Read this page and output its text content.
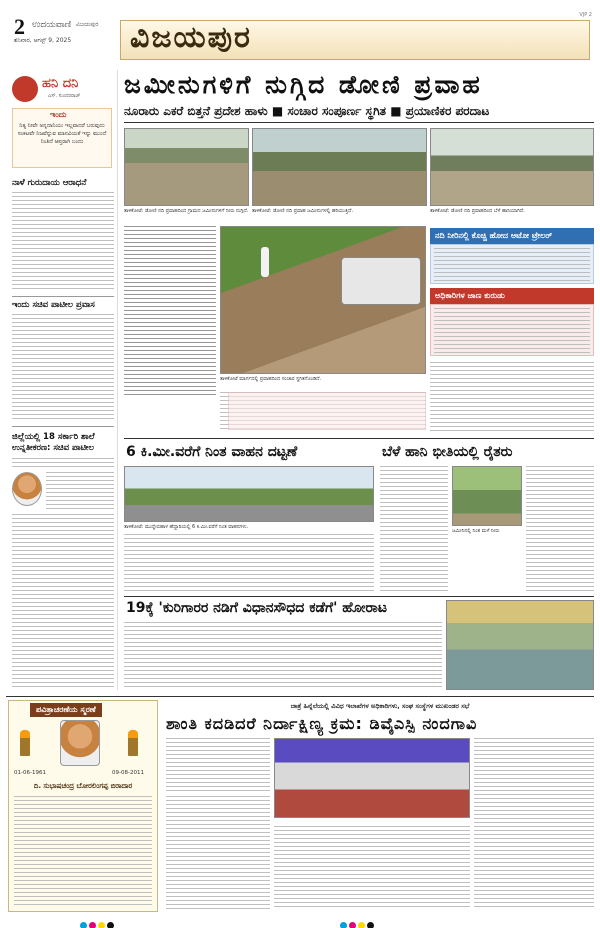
2 ಉದಯವಾಣಿ ವಿಜಯಪುರ
ಶನಿವಾರ, ಆಗಸ್ಟ್ 9, 2025 ವಿಜಯಪುರ
VJP 2
ಹನಿ ದನಿ
ಎಸ್. ಸುಂದರರಾಜ್
ಇಂದು
ನಿತ್ಯ ನೀವೇ ಅನ್ನದಾನಿಯು ಇಲ್ಲವಾದರೆ ಬರುವುದು ಸಂಕಟವೇ ನಿಜವೆನ್ನುವ ಮಾನವಿಯತೆ ಇನ್ನು ಮುಂದೆ ನಿಂತಿದೆ ಆಪ್ತರಾಗಿ ಬಂದು
ನಾಳೆ ಗುರುದಾಯ ಆರಾಧನೆ
ಇಂದು ಸಚಿವ ಪಾಟೀಲ ಪ್ರವಾಸ
ಜಿಲ್ಲೆಯಲ್ಲಿ 18 ಸರ್ಕಾರಿ ಶಾಲೆ ಉನ್ನತೀಕರಣ: ಸಚಿವ ಪಾಟೀಲ
ಜಮೀನುಗಳಿಗೆ ನುಗ್ಗಿದ ಡೋಣಿ ಪ್ರವಾಹ
ನೂರಾರು ಎಕರೆ ಬಿತ್ತನೆ ಪ್ರದೇಶ ಹಾಳು ■ ಸಂಚಾರ ಸಂಪೂರ್ಣ ಸ್ಥಗಿತ ■ ಪ್ರಯಾಣಿಕರ ಪರದಾಟ
ತಾಳಿಕೋಟೆ: ಡೋಣಿ ನದಿ ಪ್ರವಾಹದಿಂದ ಗ್ರಾಮದ ಜಮೀನುಗಳಿಗೆ ನೀರು ನುಗ್ಗಿದೆ. ತಾಳಿಕೋಟೆ: ಡೋಣಿ ನದಿ ಪ್ರವಾಹ ಜಮೀನುಗಳಲ್ಲಿ ಹರಿಯುತ್ತಿದೆ.	ತಾಳಿಕೋಟೆ: ಡೋಣಿ ನದಿ ಪ್ರವಾಹದಿಂದ ಬೆಳೆ ಹಾನಿಯಾಗಿದೆ.
ತಾಳಿಕೋಟೆ ಮಾರ್ಗದಲ್ಲಿ ಪ್ರವಾಹದಿಂದ ಸಂಚಾರ ಸ್ಥಗಿತಗೊಂಡಿದೆ.
ನದಿ ನೀರಿನಲ್ಲಿ ಕೊಚ್ಚಿ ಹೋದ ಆಟೋ ಟ್ರೇಲರ್
ಅಧಿಕಾರಿಗಳ ಜಾಣ ಕುರುಡು
6 ಕಿ.ಮೀ.ವರೆಗೆ ನಿಂತ ವಾಹನ ದಟ್ಟಣೆ
ತಾಳಿಕೋಟೆ: ಮುದ್ದೇಬಿಹಾಳ ಹೆದ್ದಾರಿಯಲ್ಲಿ 6 ಕಿ.ಮೀ.ವರೆಗೆ ನಿಂತ ವಾಹನಗಳು.
ಬೆಳೆ ಹಾನಿ ಭೀತಿಯಲ್ಲಿ ರೈತರು
ಜಮೀನಿನಲ್ಲಿ ನಿಂತ ಮಳೆ ನೀರು
19ಕ್ಕೆ 'ಕುರಿಗಾರರ ನಡಿಗೆ ವಿಧಾನಸೌಧದ ಕಡೆಗೆ' ಹೋರಾಟ
ಪವಿತ್ರಾಚರಣೆಯ ಸ್ಮರಣೆ
01-06-1961	09-08-2011
ದಿ. ಸುಭಾಷಚಂದ್ರ ಬೋರಲಿಂಗಪ್ಪ ಬಿರಾದಾರ
ಜಾತ್ರೆ ಹಿನ್ನೆಲೆಯಲ್ಲಿ ವಿವಿಧ ಇಲಾಖೆಗಳ ಅಧಿಕಾರಿಗಳು, ಸಂಘ ಸಂಸ್ಥೆಗಳ ಮುಖಂಡರ ಸಭೆ
ಶಾಂತಿ ಕದಡಿದರೆ ನಿರ್ದಾಕ್ಷಿಣ್ಯ ಕ್ರಮ: ಡಿವೈಎಸ್ಪಿ ನಂದಗಾವಿ
